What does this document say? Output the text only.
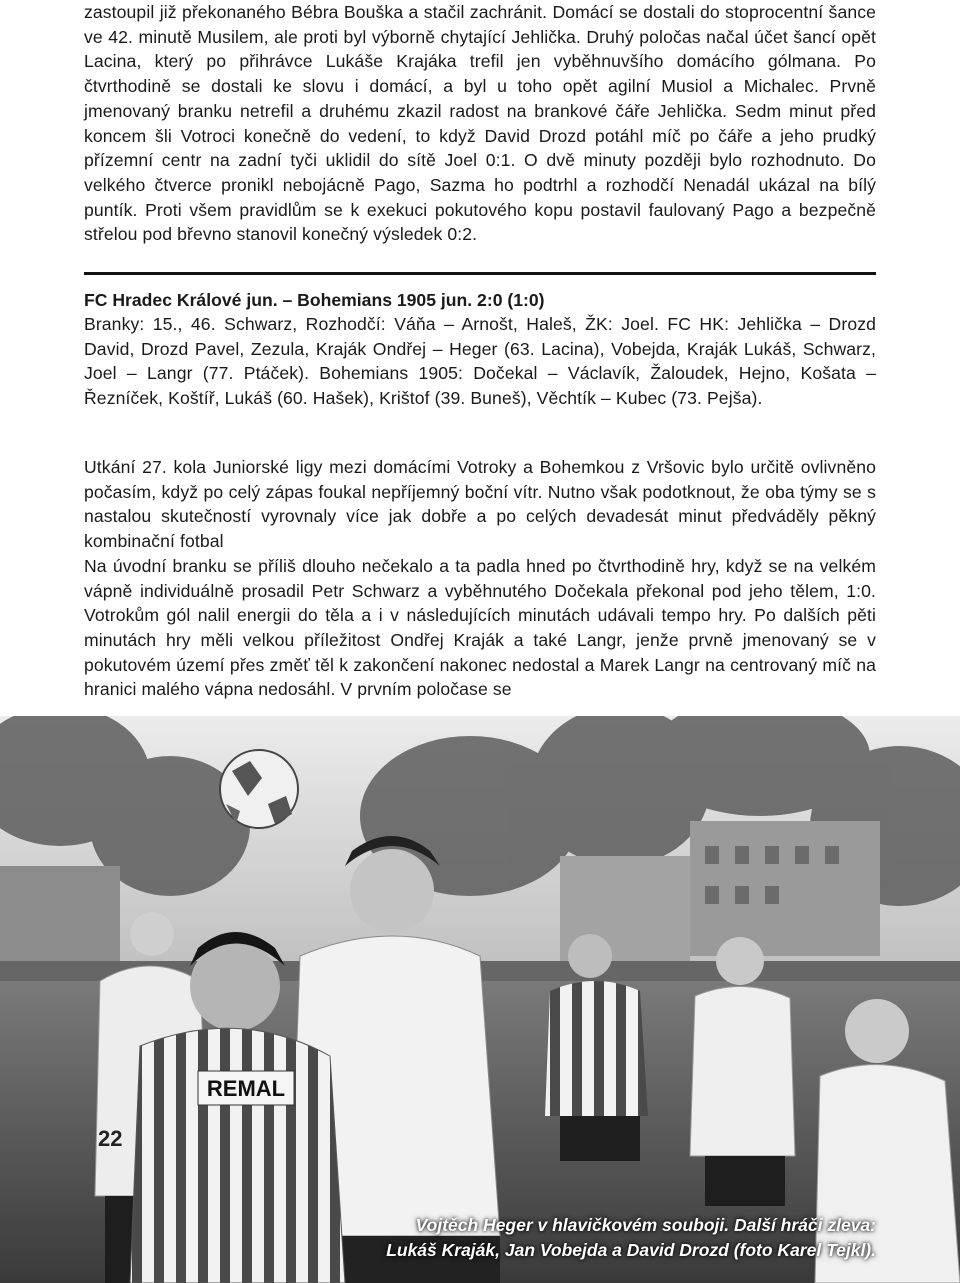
zastoupil již překonaného Bébra Bouška a stačil zachránit. Domácí se dostali do stoprocentní šance ve 42. minutě Musilem, ale proti byl výborně chytající Jehlička. Druhý poločas načal účet šancí opět Lacina, který po přihrávce Lukáše Krajáka trefil jen vyběhnuvšího domácího gólmana. Po čtvrthodině se dostali ke slovu i domácí, a byl u toho opět agilní Musiol a Michalec. Prvně jmenovaný branku netrefil a druhému zkazil radost na brankové čáře Jehlička. Sedm minut před koncem šli Votroci konečně do vedení, to když David Drozd potáhl míč po čáře a jeho prudký přízemní centr na zadní tyči uklidil do sítě Joel 0:1. O dvě minuty později bylo rozhodnuto. Do velkého čtverce pronikl nebojácně Pago, Sazma ho podtrhl a rozhodčí Nenadál ukázal na bílý puntík. Proti všem pravidlům se k exekuci pokutového kopu postavil faulovaný Pago a bezpečně střelou pod břevno stanovil konečný výsledek 0:2.

FC Hradec Králové jun. – Bohemians 1905 jun. 2:0 (1:0)

Branky: 15., 46. Schwarz, Rozhodčí: Váňa – Arnošt, Haleš, ŽK: Joel. FC HK: Jehlička – Drozd David, Drozd Pavel, Zezula, Kraják Ondřej – Heger (63. Lacina), Vobejda, Kraják Lukáš, Schwarz, Joel – Langr (77. Ptáček). Bohemians 1905: Dočekal – Václavík, Žaloudek, Hejno, Košata – Řezníček, Koštíř, Lukáš (60. Hašek), Krištof (39. Buneš), Věchtík – Kubec (73. Pejša).

Utkání 27. kola Juniorské ligy mezi domácími Votroky a Bohemkou z Vršovic bylo určitě ovlivněno počasím, když po celý zápas foukal nepříjemný boční vítr. Nutno však podotknout, že oba týmy se s nastalou skutečností vyrovnaly více jak dobře a po celých devadesát minut předváděly pěkný kombinační fotbal

Na úvodní branku se příliš dlouho nečekalo a ta padla hned po čtvrthodině hry, když se na velkém vápně individuálně prosadil Petr Schwarz a vyběhnutého Dočekala překonal pod jeho tělem, 1:0. Votrokům gól nalil energii do těla a i v následujících minutách udávali tempo hry. Po dalších pěti minutách hry měli velkou příležitost Ondřej Kraják a také Langr, jenže prvně jmenovaný se v pokutovém území přes změť těl k zakončení nakonec nedostal a Marek Langr na centrovaný míč na hranici malého vápna nedosáhl. V prvním poločase se

22
REMAL
Vojtěch Heger v hlavičkovém souboji. Další hráči zleva:
Lukáš Kraják, Jan Vobejda a David Drozd (foto Karel Tejkl).
